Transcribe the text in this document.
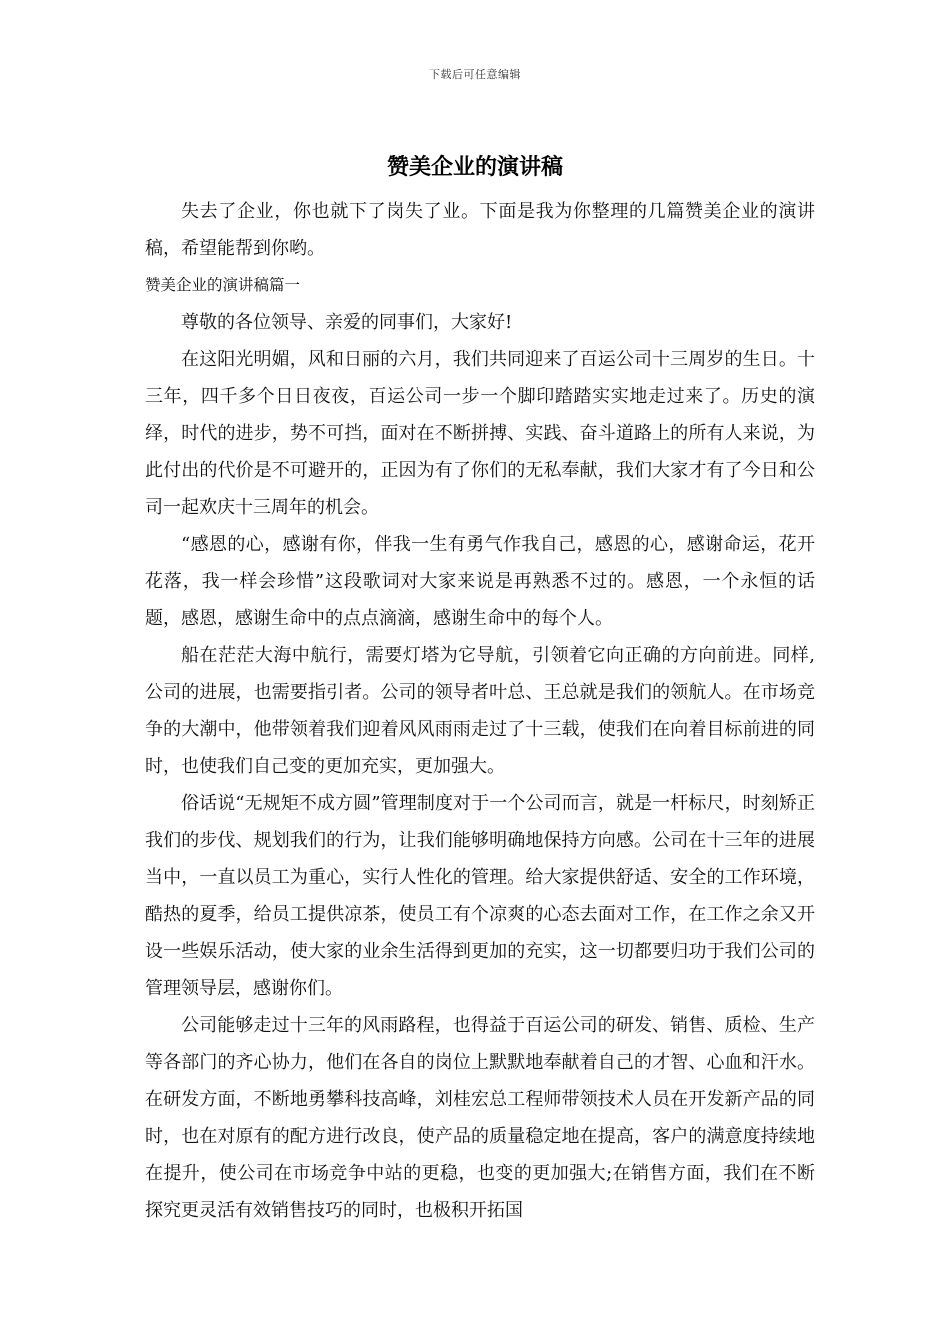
下载后可任意编辑
赞美企业的演讲稿

失去了企业，你也就下了岗失了业。下面是我为你整理的几篇赞美企业的演讲稿，希望能帮到你哟。

赞美企业的演讲稿篇一

尊敬的各位领导、亲爱的同事们，大家好!

在这阳光明媚，风和日丽的六月，我们共同迎来了百运公司十三周岁的生日。十三年，四千多个日日夜夜，百运公司一步一个脚印踏踏实实地走过来了。历史的演绎，时代的进步，势不可挡，面对在不断拼搏、实践、奋斗道路上的所有人来说，为此付出的代价是不可避开的，正因为有了你们的无私奉献，我们大家才有了今日和公司一起欢庆十三周年的机会。

“感恩的心，感谢有你，伴我一生有勇气作我自己，感恩的心，感谢命运，花开花落，我一样会珍惜”这段歌词对大家来说是再熟悉不过的。感恩，一个永恒的话题，感恩，感谢生命中的点点滴滴，感谢生命中的每个人。

船在茫茫大海中航行，需要灯塔为它导航，引领着它向正确的方向前进。同样,公司的进展，也需要指引者。公司的领导者叶总、王总就是我们的领航人。在市场竞争的大潮中，他带领着我们迎着风风雨雨走过了十三载，使我们在向着目标前进的同时，也使我们自己变的更加充实，更加强大。

俗话说“无规矩不成方圆”管理制度对于一个公司而言，就是一杆标尺，时刻矫正我们的步伐、规划我们的行为，让我们能够明确地保持方向感。公司在十三年的进展当中，一直以员工为重心，实行人性化的管理。给大家提供舒适、安全的工作环境，酷热的夏季，给员工提供凉茶，使员工有个凉爽的心态去面对工作，在工作之余又开设一些娱乐活动，使大家的业余生活得到更加的充实，这一切都要归功于我们公司的管理领导层，感谢你们。

公司能够走过十三年的风雨路程，也得益于百运公司的研发、销售、质检、生产等各部门的齐心协力，他们在各自的岗位上默默地奉献着自己的才智、心血和汗水。在研发方面，不断地勇攀科技高峰，刘桂宏总工程师带领技术人员在开发新产品的同时，也在对原有的配方进行改良，使产品的质量稳定地在提高，客户的满意度持续地在提升，使公司在市场竞争中站的更稳，也变的更加强大;在销售方面，我们在不断探究更灵活有效销售技巧的同时，也极积开拓国
